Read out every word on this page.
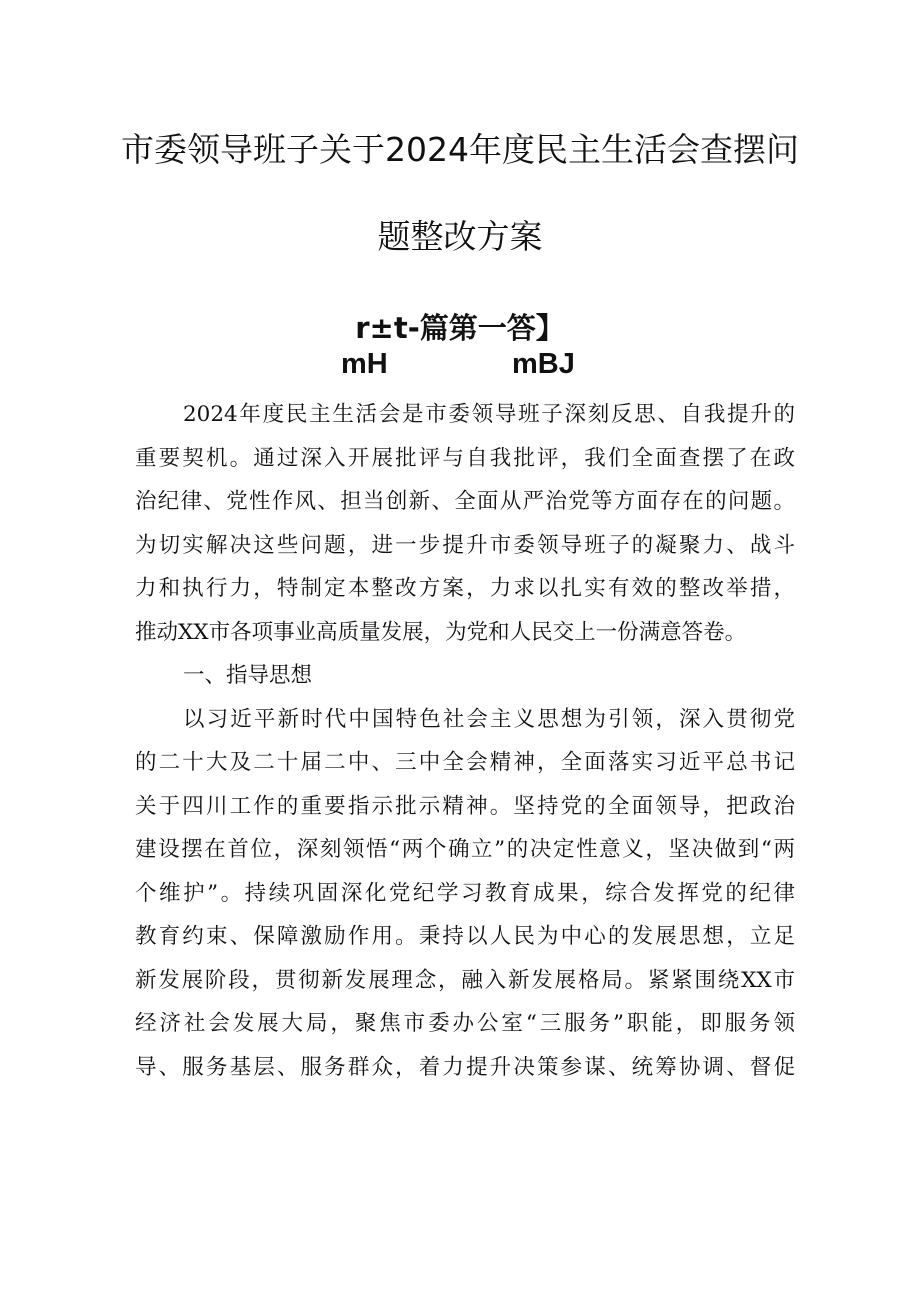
市委领导班子关于2024年度民主生活会查摆问
题整改方案
r±t-篇第一答】
mH	mBJ
2024年度民主生活会是市委领导班子深刻反思、自我提升的
重要契机。通过深入开展批评与自我批评，我们全面查摆了在政
治纪律、党性作风、担当创新、全面从严治党等方面存在的问题。
为切实解决这些问题，进一步提升市委领导班子的凝聚力、战斗
力和执行力，特制定本整改方案，力求以扎实有效的整改举措，
推动XX市各项事业高质量发展，为党和人民交上一份满意答卷。
一、指导思想
以习近平新时代中国特色社会主义思想为引领，深入贯彻党
的二十大及二十届二中、三中全会精神，全面落实习近平总书记
关于四川工作的重要指示批示精神。坚持党的全面领导，把政治
建设摆在首位，深刻领悟“两个确立”的决定性意义，坚决做到“两
个维护”。持续巩固深化党纪学习教育成果，综合发挥党的纪律
教育约束、保障激励作用。秉持以人民为中心的发展思想，立足
新发展阶段，贯彻新发展理念，融入新发展格局。紧紧围绕XX市
经济社会发展大局，聚焦市委办公室“三服务”职能，即服务领
导、服务基层、服务群众，着力提升决策参谋、统筹协调、督促
